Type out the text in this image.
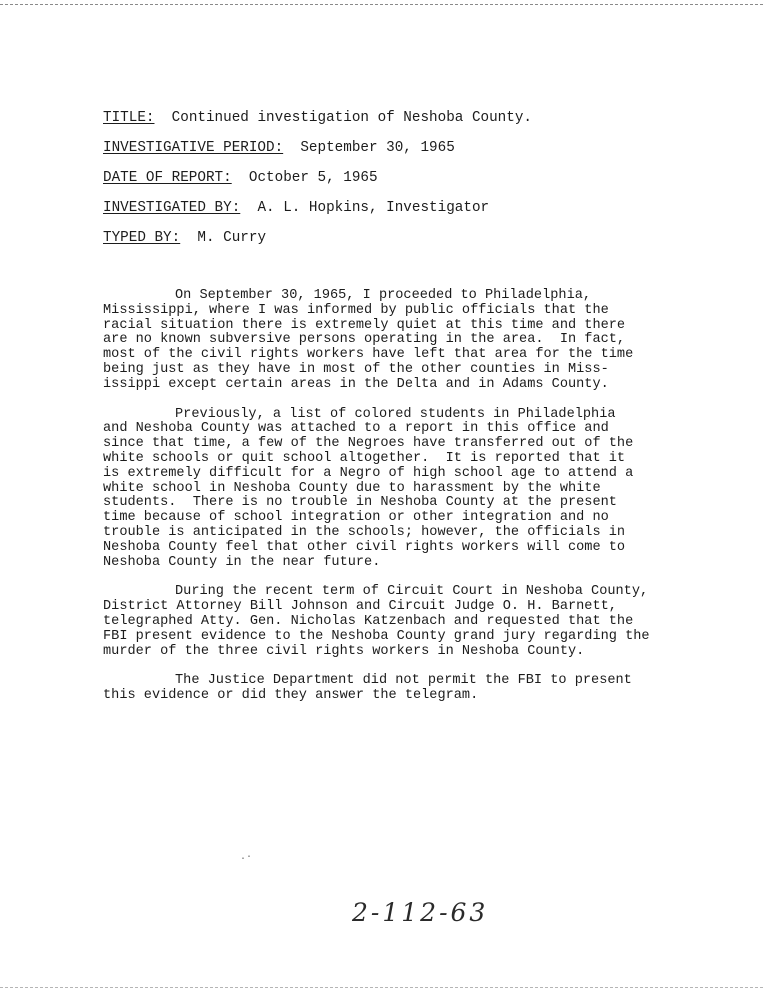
TITLE: Continued investigation of Neshoba County.
INVESTIGATIVE PERIOD: September 30, 1965
DATE OF REPORT: October 5, 1965
INVESTIGATED BY: A. L. Hopkins, Investigator
TYPED BY: M. Curry

On September 30, 1965, I proceeded to Philadelphia,
Mississippi, where I was informed by public officials that the
racial situation there is extremely quiet at this time and there
are no known subversive persons operating in the area.  In fact,
most of the civil rights workers have left that area for the time
being just as they have in most of the other counties in Miss-
issippi except certain areas in the Delta and in Adams County.

Previously, a list of colored students in Philadelphia
and Neshoba County was attached to a report in this office and
since that time, a few of the Negroes have transferred out of the
white schools or quit school altogether.  It is reported that it
is extremely difficult for a Negro of high school age to attend a
white school in Neshoba County due to harassment by the white
students.  There is no trouble in Neshoba County at the present
time because of school integration or other integration and no
trouble is anticipated in the schools; however, the officials in
Neshoba County feel that other civil rights workers will come to
Neshoba County in the near future.

During the recent term of Circuit Court in Neshoba County,
District Attorney Bill Johnson and Circuit Judge O. H. Barnett,
telegraphed Atty. Gen. Nicholas Katzenbach and requested that the
FBI present evidence to the Neshoba County grand jury regarding the
murder of the three civil rights workers in Neshoba County.

The Justice Department did not permit the FBI to present
this evidence or did they answer the telegram.

.·
2-112-63
